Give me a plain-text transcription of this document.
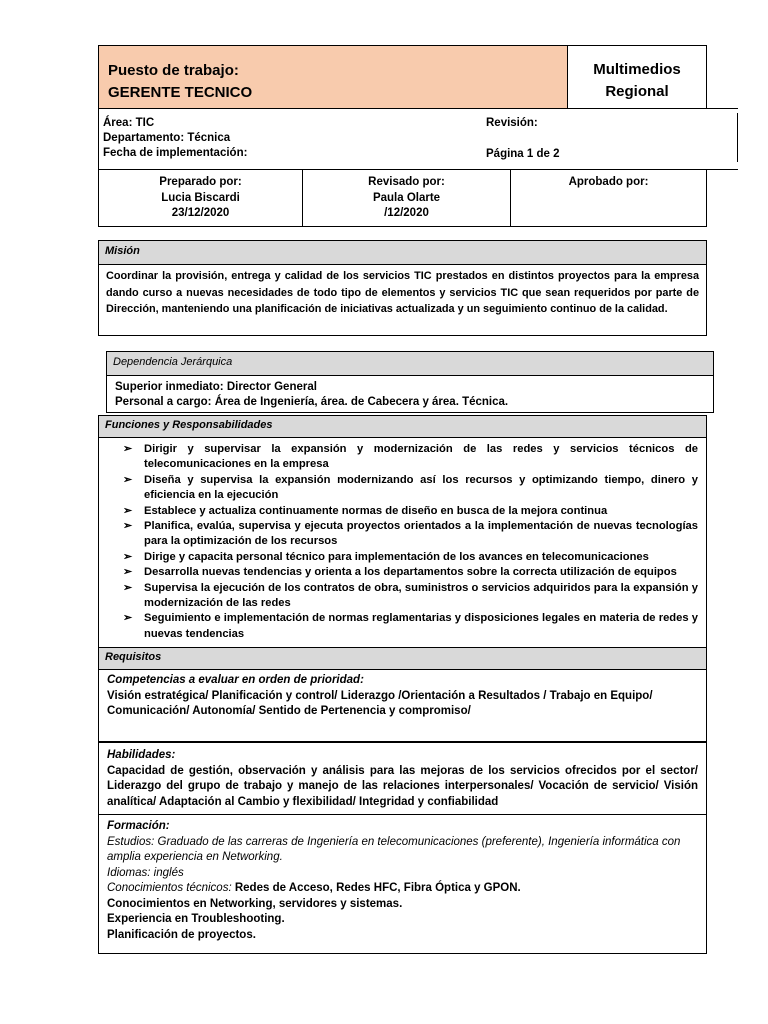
Puesto de trabajo:
GERENTE TECNICO
Multimedios
Regional
Área: TIC
Departamento: Técnica
Fecha de implementación:
Revisión:
Página 1 de 2
Preparado por:
Lucia Biscardi
23/12/2020
Revisado por:
Paula Olarte
/12/2020
Aprobado por:
Misión
Coordinar la provisión, entrega y calidad de los servicios TIC prestados en distintos proyectos para la empresa dando curso a nuevas necesidades de todo tipo de elementos y servicios TIC que sean requeridos por parte de Dirección, manteniendo una planificación de iniciativas actualizada y un seguimiento continuo de la calidad.
Dependencia Jerárquica
Superior inmediato: Director General
Personal a cargo: Área de Ingeniería, área. de Cabecera y área. Técnica.
Funciones y Responsabilidades
➢ Dirigir y supervisar la expansión y modernización de las redes y servicios técnicos de telecomunicaciones en la empresa
➢ Diseña y supervisa la expansión modernizando así los recursos y optimizando tiempo, dinero y eficiencia en la ejecución
➢ Establece y actualiza continuamente normas de diseño en busca de la mejora continua
➢ Planifica, evalúa, supervisa y ejecuta proyectos orientados a la implementación de nuevas tecnologías para la optimización de los recursos
➢ Dirige y capacita personal técnico para implementación de los avances en telecomunicaciones
➢ Desarrolla nuevas tendencias y orienta a los departamentos sobre la correcta utilización de equipos
➢ Supervisa la ejecución de los contratos de obra, suministros o servicios adquiridos para la expansión y modernización de las redes
➢ Seguimiento e implementación de normas reglamentarias y disposiciones legales en materia de redes y nuevas tendencias
Requisitos
Competencias a evaluar en orden de prioridad:
Visión estratégica/ Planificación y control/ Liderazgo /Orientación a Resultados / Trabajo en Equipo/
Comunicación/ Autonomía/ Sentido de Pertenencia y compromiso/
Habilidades:
Capacidad de gestión, observación y análisis para las mejoras de los servicios ofrecidos por el sector/ Liderazgo del grupo de trabajo y manejo de las relaciones interpersonales/ Vocación de servicio/ Visión analítica/ Adaptación al Cambio y flexibilidad/ Integridad y confiabilidad
Formación:
Estudios: Graduado de las carreras de Ingeniería en telecomunicaciones (preferente), Ingeniería informática con
amplia experiencia en Networking.
Idiomas: inglés
Conocimientos técnicos: Redes de Acceso, Redes HFC, Fibra Óptica y GPON.
Conocimientos en Networking, servidores y sistemas.
Experiencia en Troubleshooting.
Planificación de proyectos.
